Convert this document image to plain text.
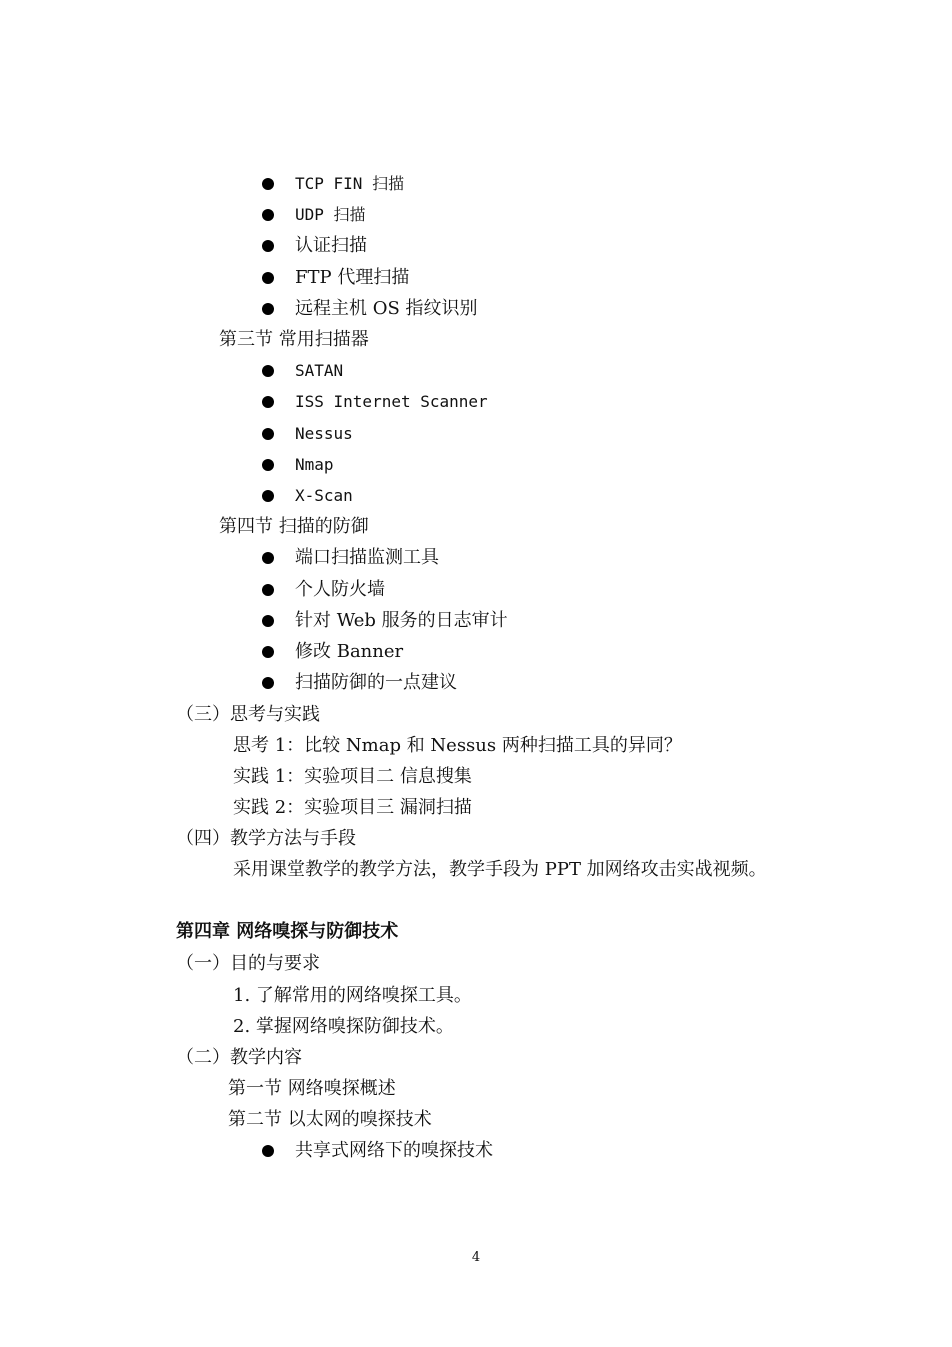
TCP FIN 扫描
UDP 扫描
认证扫描
FTP 代理扫描
远程主机 OS 指纹识别
第三节 常用扫描器
SATAN
ISS Internet Scanner
Nessus
Nmap
X-Scan
第四节 扫描的防御
端口扫描监测工具
个人防火墙
针对 Web 服务的日志审计
修改 Banner
扫描防御的一点建议
（三）思考与实践
思考 1：比较 Nmap 和 Nessus 两种扫描工具的异同？
实践 1：实验项目二 信息搜集
实践 2：实验项目三 漏洞扫描
（四）教学方法与手段
采用课堂教学的教学方法，教学手段为 PPT 加网络攻击实战视频。
第四章 网络嗅探与防御技术
（一）目的与要求
1. 了解常用的网络嗅探工具。
2. 掌握网络嗅探防御技术。
（二）教学内容
第一节 网络嗅探概述
第二节 以太网的嗅探技术
共享式网络下的嗅探技术
4
